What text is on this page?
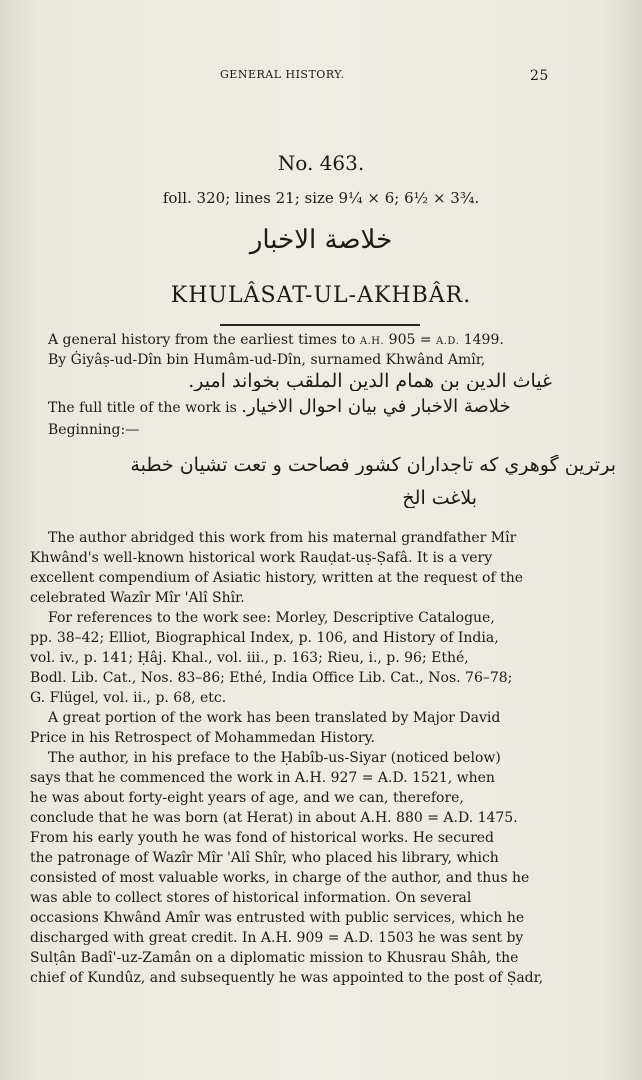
GENERAL HISTORY.	25
No. 463.
foll. 320; lines 21; size 9¼ × 6; 6½ × 3¾.
خلاصة الاخبار
KHULÂSAT-UL-AKHBÂR.
A general history from the earliest times to A.H. 905 = A.D. 1499.
By Ġiyâṣ-ud-Dîn bin Humâm-ud-Dîn, surnamed Khwând Amîr,
غياث الدين بن همام الدين الملقب بخواند امير.
The full title of the work is خلاصة الاخبار في بيان احوال الاخيار.
Beginning:—
برترين گوهري كه تاجداران كشور فصاحت و تعت تشيان خطبة
بلاغت الخ
The author abridged this work from his maternal grandfather Mîr
Khwând's well-known historical work Rauḍat-uṣ-Ṣafâ. It is a very
excellent compendium of Asiatic history, written at the request of the
celebrated Wazîr Mîr 'Alî Shîr.
For references to the work see: Morley, Descriptive Catalogue,
pp. 38–42; Elliot, Biographical Index, p. 106, and History of India,
vol. iv., p. 141; Ḥâj. Khal., vol. iii., p. 163; Rieu, i., p. 96; Ethé,
Bodl. Lib. Cat., Nos. 83–86; Ethé, India Office Lib. Cat., Nos. 76–78;
G. Flügel, vol. ii., p. 68, etc.
A great portion of the work has been translated by Major David
Price in his Retrospect of Mohammedan History.
The author, in his preface to the Ḥabîb-us-Siyar (noticed below)
says that he commenced the work in A.H. 927 = A.D. 1521, when
he was about forty-eight years of age, and we can, therefore,
conclude that he was born (at Herat) in about A.H. 880 = A.D. 1475.
From his early youth he was fond of historical works. He secured
the patronage of Wazîr Mîr 'Alî Shîr, who placed his library, which
consisted of most valuable works, in charge of the author, and thus he
was able to collect stores of historical information. On several
occasions Khwând Amîr was entrusted with public services, which he
discharged with great credit. In A.H. 909 = A.D. 1503 he was sent by
Sulṭân Badî'-uz-Zamân on a diplomatic mission to Khusrau Shâh, the
chief of Kundûz, and subsequently he was appointed to the post of Ṣadr,
